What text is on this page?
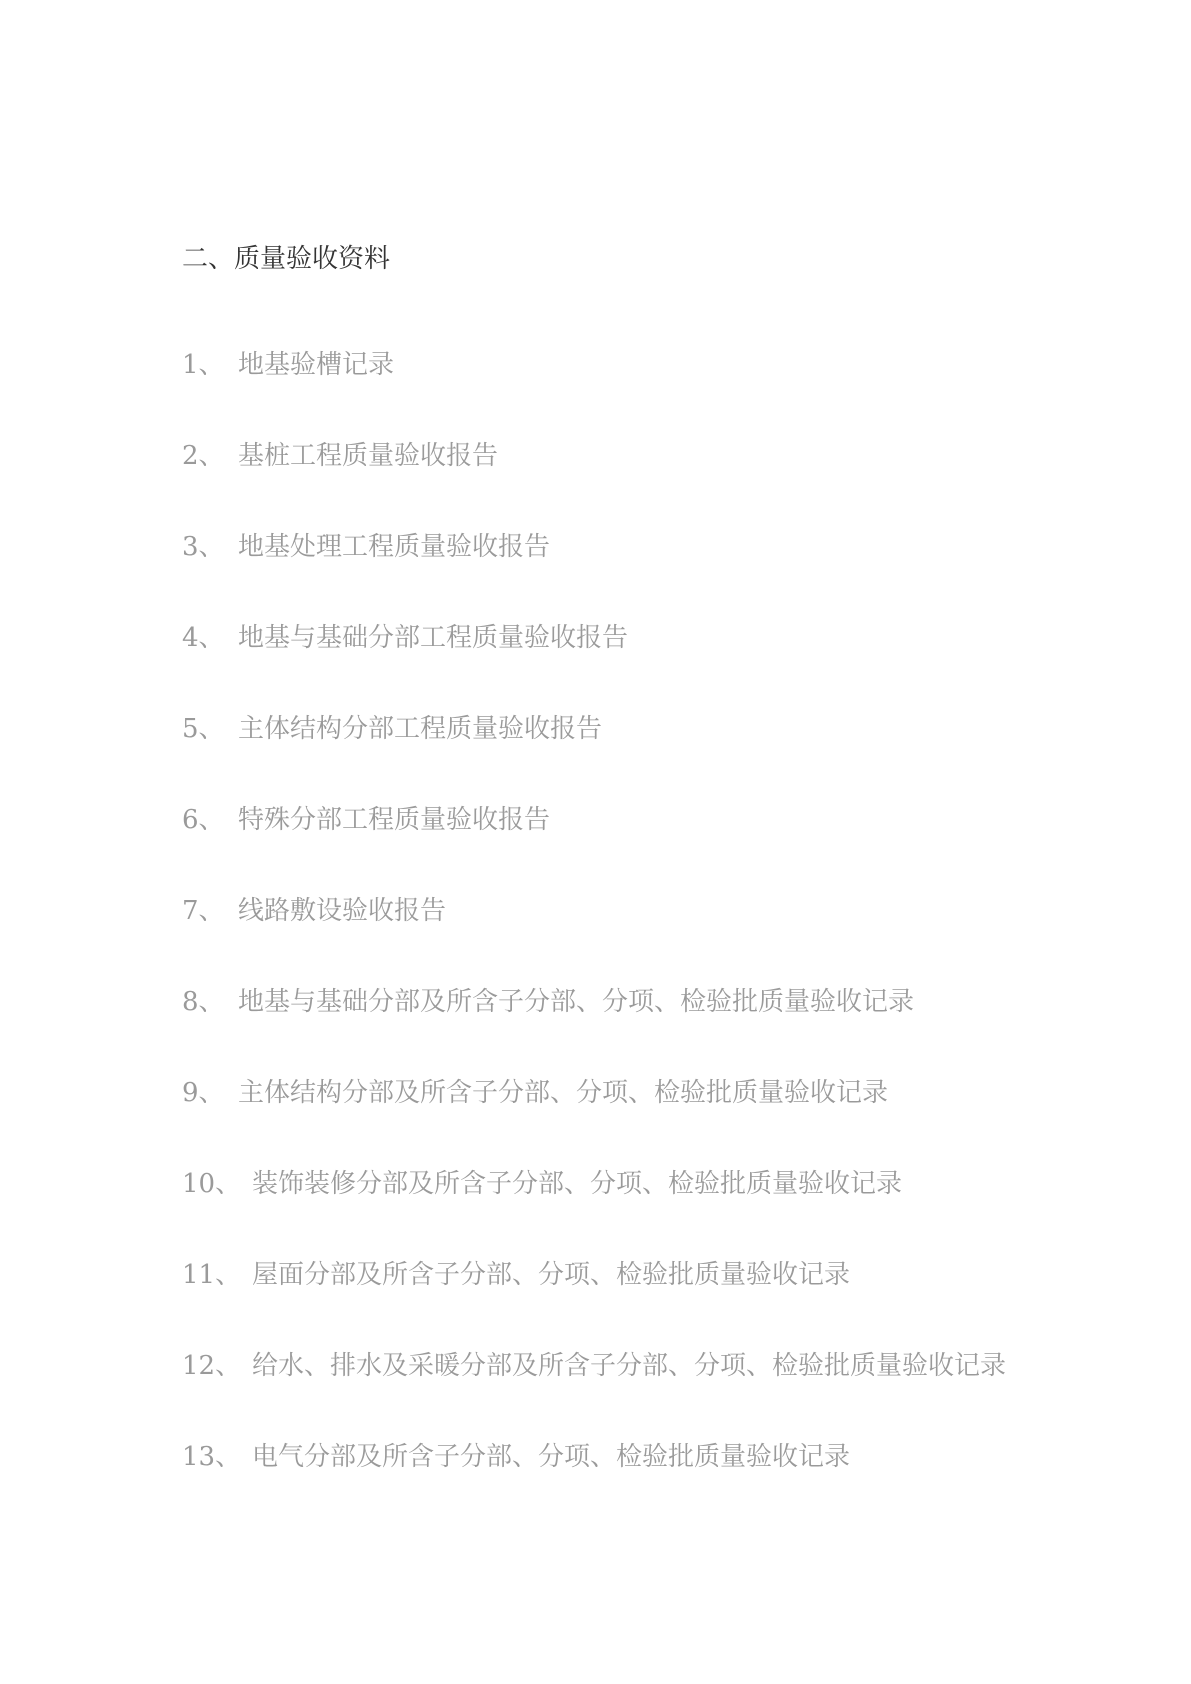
二、质量验收资料
1、 地基验槽记录
2、 基桩工程质量验收报告
3、 地基处理工程质量验收报告
4、 地基与基础分部工程质量验收报告
5、 主体结构分部工程质量验收报告
6、 特殊分部工程质量验收报告
7、 线路敷设验收报告
8、 地基与基础分部及所含子分部、分项、检验批质量验收记录
9、 主体结构分部及所含子分部、分项、检验批质量验收记录
10、 装饰装修分部及所含子分部、分项、检验批质量验收记录
11、 屋面分部及所含子分部、分项、检验批质量验收记录
12、 给水、排水及采暖分部及所含子分部、分项、检验批质量验收记录
13、 电气分部及所含子分部、分项、检验批质量验收记录
